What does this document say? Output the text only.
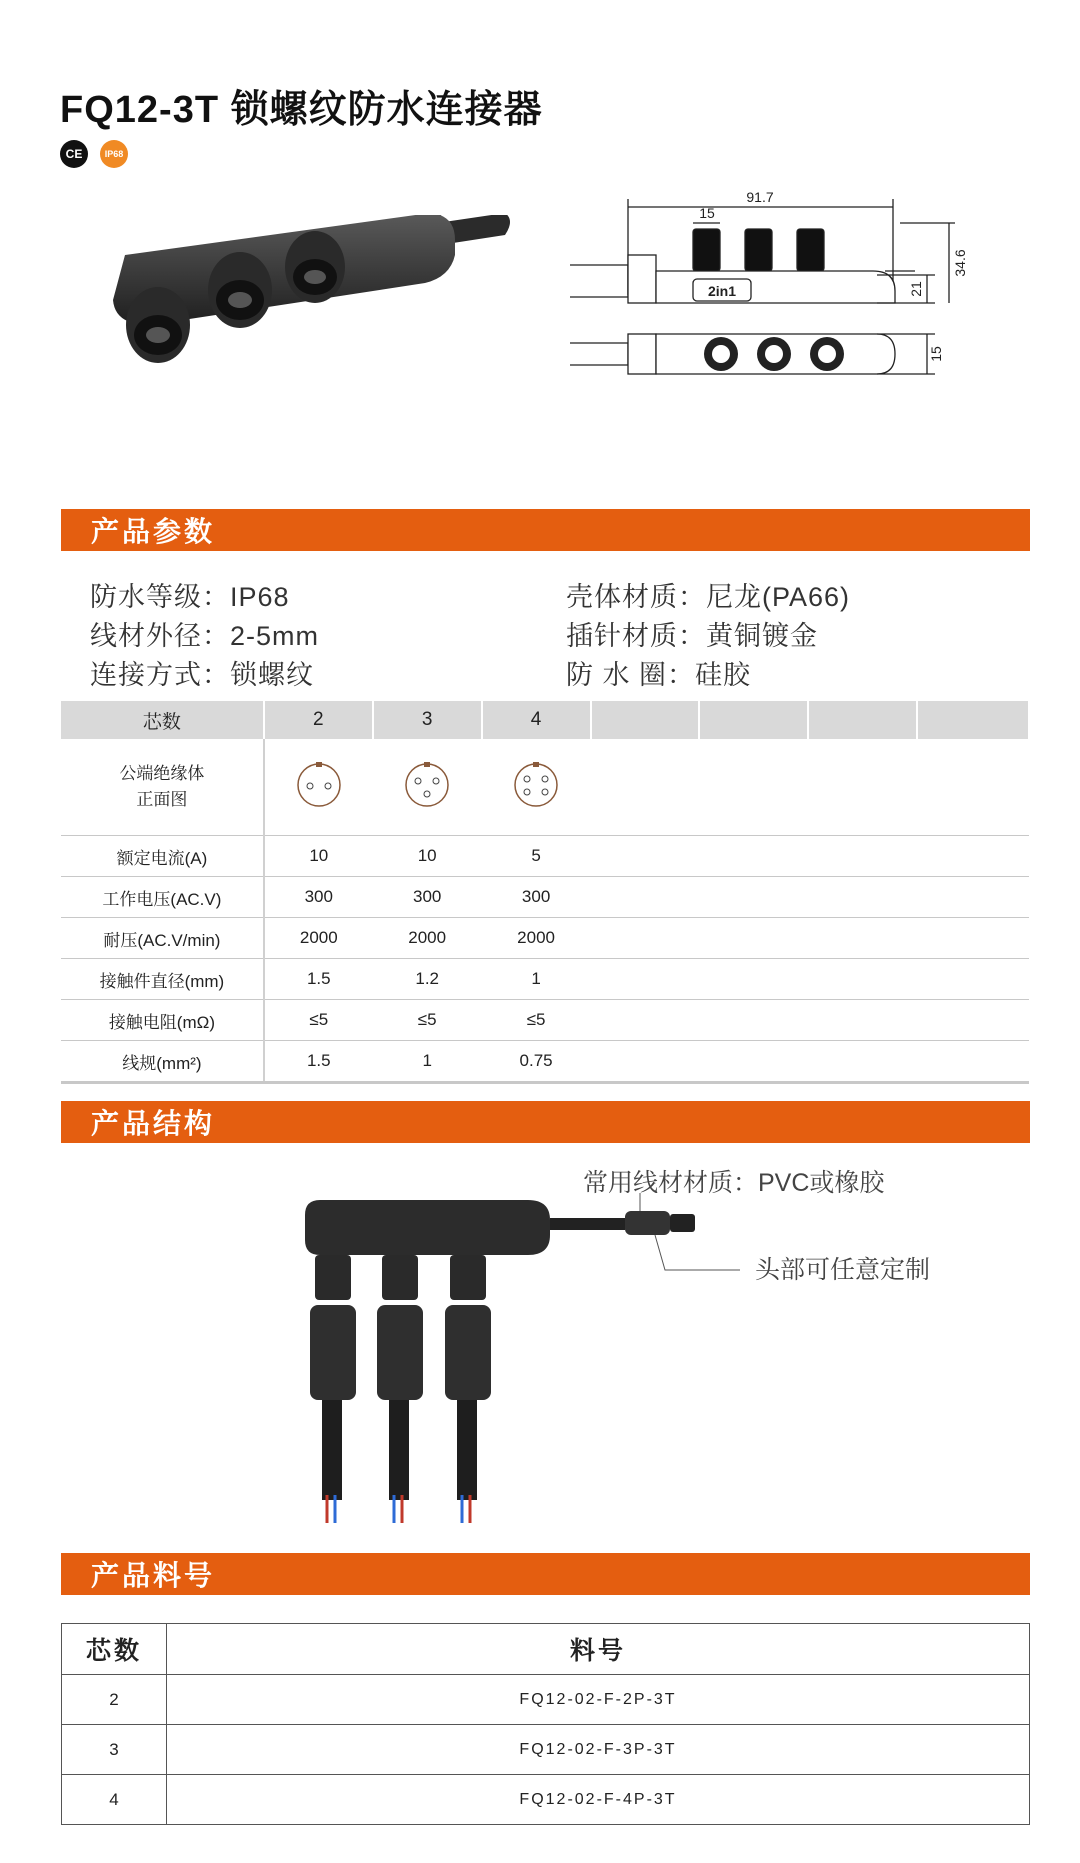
FQ12-3T 锁螺纹防水连接器
CE	IP68
91.7
15
2in1	21
34.6
15
产品参数
防水等级：IP68
线材外径：2-5mm
连接方式：锁螺纹
壳体材质：尼龙(PA66)
插针材质：黄铜镀金
防 水 圈：硅胶
芯数	2	3	4				

公端绝缘体
正面图

额定电流(A)	10	10	5				
工作电压(AC.V)	300	300	300				
耐压(AC.V/min)	2000	2000	2000				
接触件直径(mm)	1.5	1.2	1				
接触电阻(mΩ)	≤5	≤5	≤5				
线规(mm²)	1.5	1	0.75				
产品结构
常用线材材质：PVC或橡胶
头部可任意定制
产品料号
芯数	料号
2	FQ12-02-F-2P-3T
3	FQ12-02-F-3P-3T
4	FQ12-02-F-4P-3T
